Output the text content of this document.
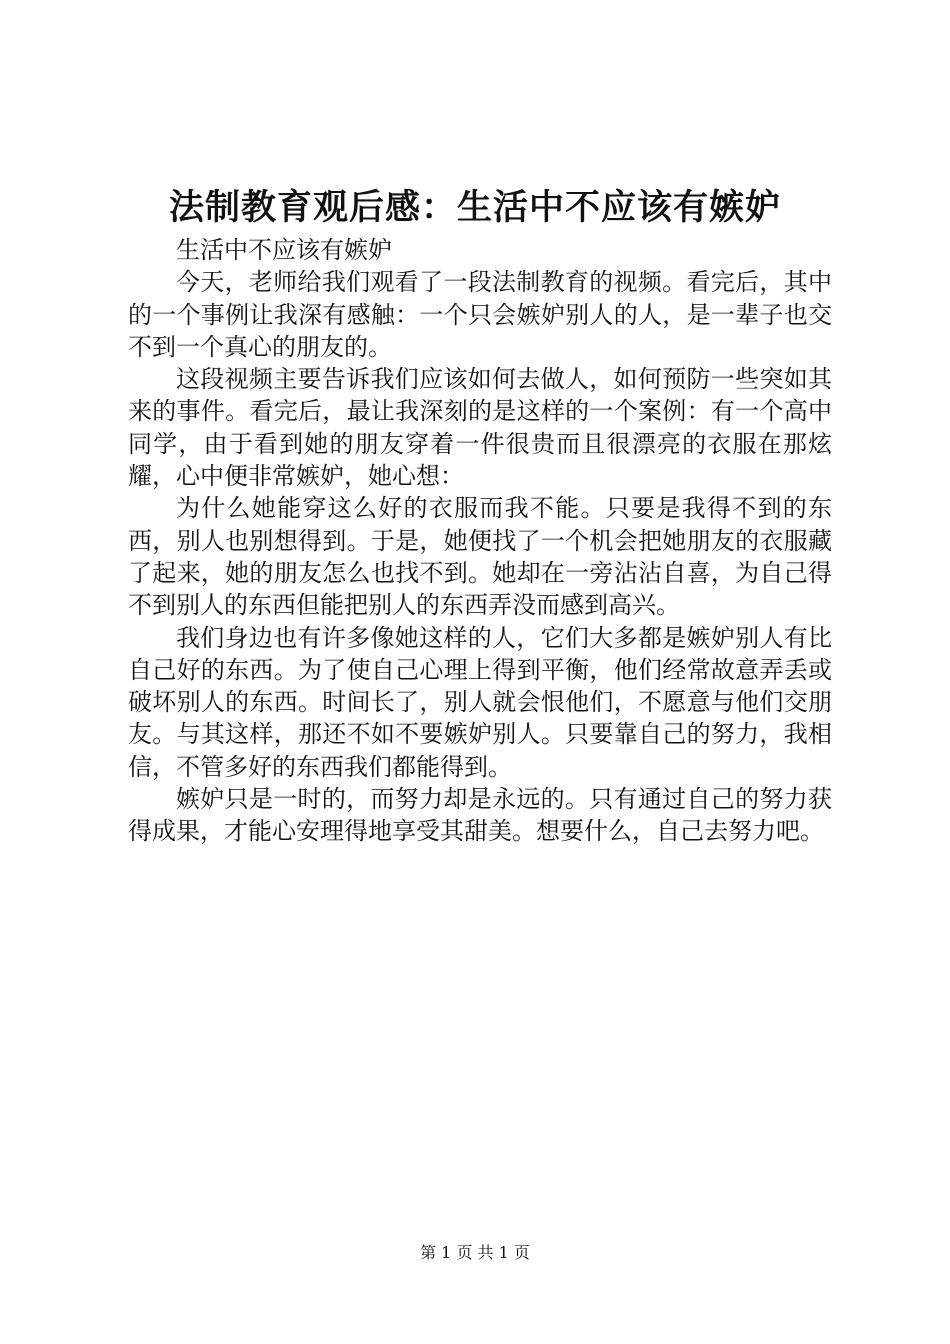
法制教育观后感：生活中不应该有嫉妒

生活中不应该有嫉妒

今天，老师给我们观看了一段法制教育的视频。看完后，其中的一个事例让我深有感触：一个只会嫉妒别人的人，是一辈子也交不到一个真心的朋友的。

这段视频主要告诉我们应该如何去做人，如何预防一些突如其来的事件。看完后，最让我深刻的是这样的一个案例：有一个高中同学，由于看到她的朋友穿着一件很贵而且很漂亮的衣服在那炫耀，心中便非常嫉妒，她心想：

为什么她能穿这么好的衣服而我不能。只要是我得不到的东西，别人也别想得到。于是，她便找了一个机会把她朋友的衣服藏了起来，她的朋友怎么也找不到。她却在一旁沾沾自喜，为自己得不到别人的东西但能把别人的东西弄没而感到高兴。

我们身边也有许多像她这样的人，它们大多都是嫉妒别人有比自己好的东西。为了使自己心理上得到平衡，他们经常故意弄丢或破坏别人的东西。时间长了，别人就会恨他们，不愿意与他们交朋友。与其这样，那还不如不要嫉妒别人。只要靠自己的努力，我相信，不管多好的东西我们都能得到。

嫉妒只是一时的，而努力却是永远的。只有通过自己的努力获得成果，才能心安理得地享受其甜美。想要什么，自己去努力吧。

第 1 页 共 1 页
